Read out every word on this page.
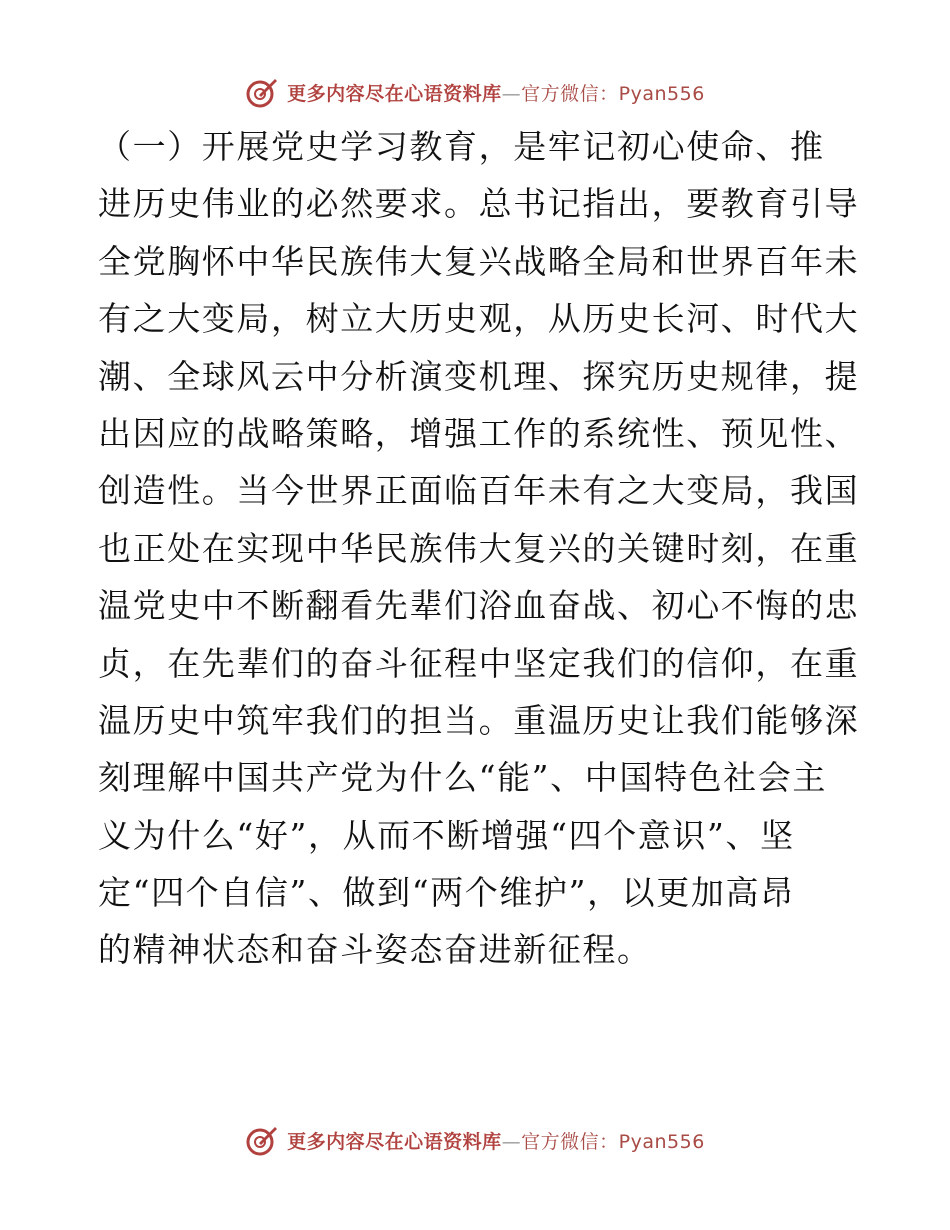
更多内容尽在心语资料库—官方微信：Pyan556
（一）开展党史学习教育，是牢记初心使命、推
进历史伟业的必然要求。总书记指出，要教育引导
全党胸怀中华民族伟大复兴战略全局和世界百年未
有之大变局，树立大历史观，从历史长河、时代大
潮、全球风云中分析演变机理、探究历史规律，提
出因应的战略策略，增强工作的系统性、预见性、
创造性。当今世界正面临百年未有之大变局，我国
也正处在实现中华民族伟大复兴的关键时刻，在重
温党史中不断翻看先辈们浴血奋战、初心不悔的忠
贞，在先辈们的奋斗征程中坚定我们的信仰，在重
温历史中筑牢我们的担当。重温历史让我们能够深
刻理解中国共产党为什么“能”、中国特色社会主
义为什么“好”，从而不断增强“四个意识”、坚
定“四个自信”、做到“两个维护”，以更加高昂
的精神状态和奋斗姿态奋进新征程。
更多内容尽在心语资料库—官方微信：Pyan556
